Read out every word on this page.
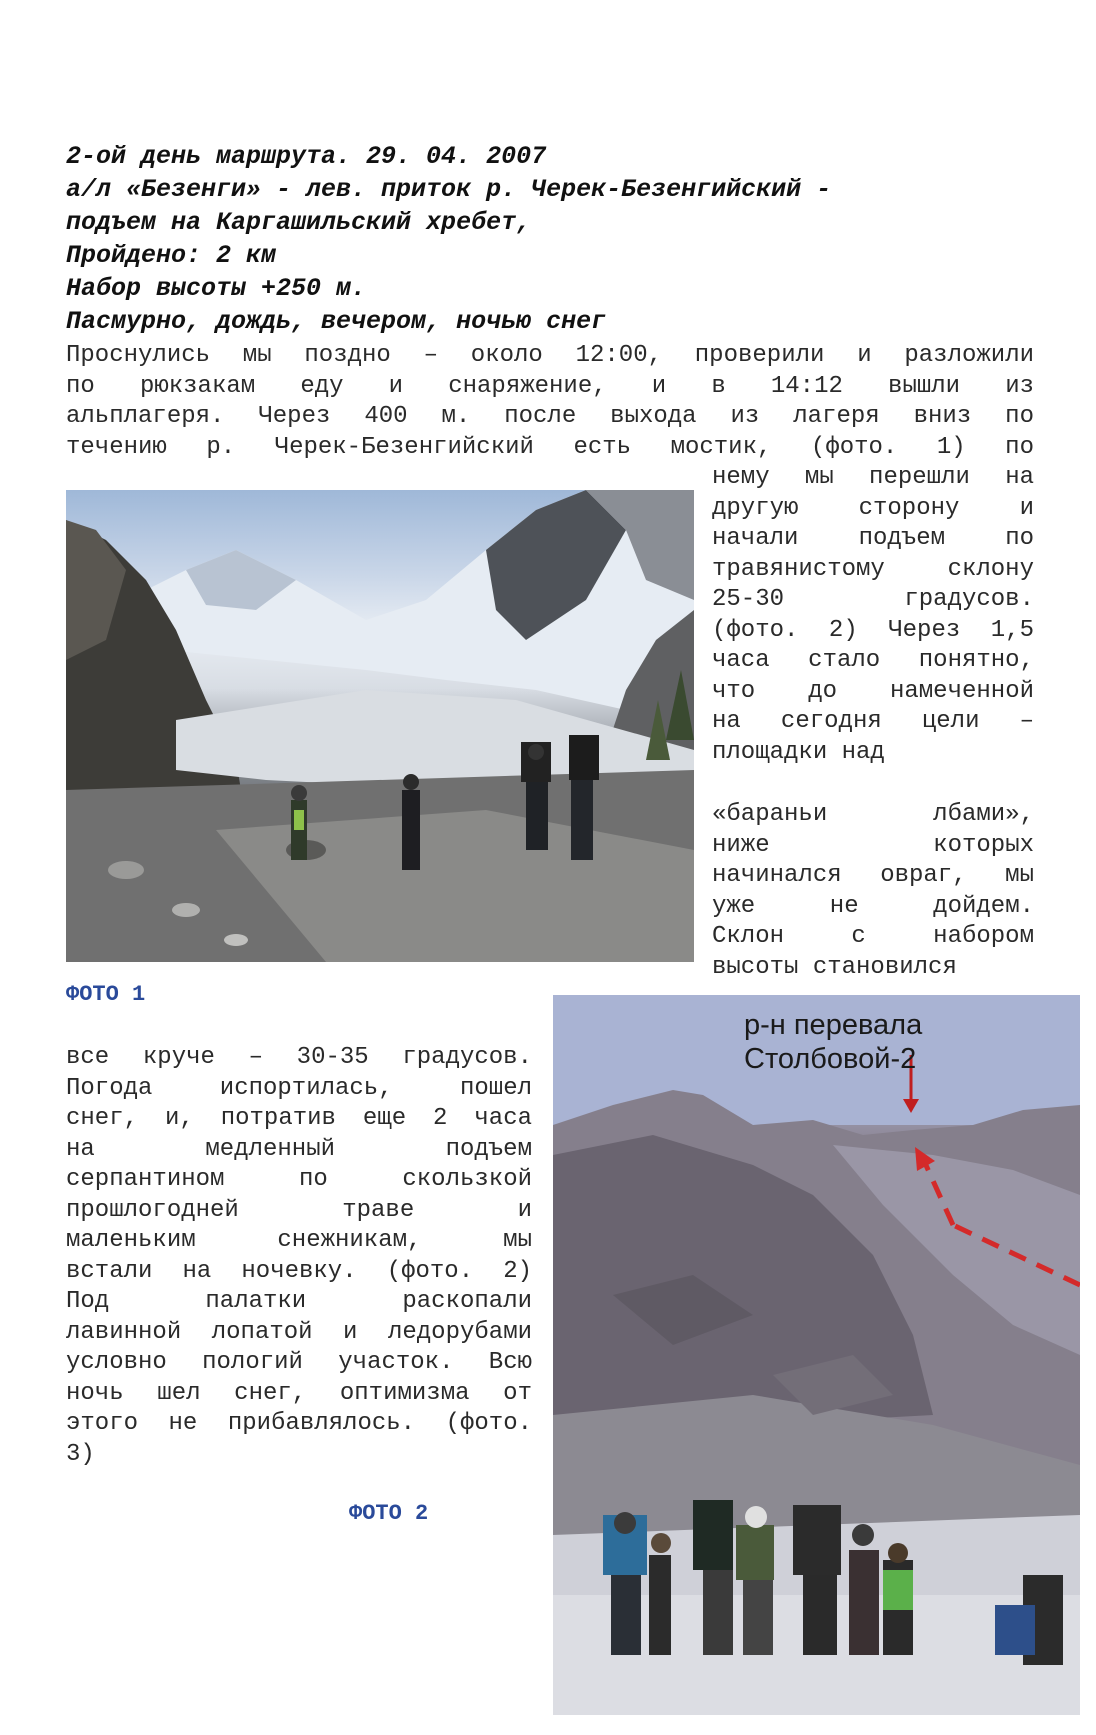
2-ой день маршрута. 29. 04. 2007
а/л «Безенги» - лев. приток р. Черек-Безенгийский -
подъем на Каргашильский хребет,
Пройдено: 2 км
Набор высоты +250 м.
Пасмурно, дождь, вечером, ночью снег
Проснулись мы поздно – около 12:00, проверили и разложили
по рюкзакам еду и снаряжение, и в 14:12 вышли из
альплагеря. Через 400 м. после выхода из лагеря вниз по
течению р. Черек-Безенгийский есть мостик, (фото. 1) по
нему мы перешли на
другую сторону и
начали подъем по
травянистому склону
25-30 градусов.
(фото. 2) Через 1,5
часа стало понятно,
что до намеченной
на сегодня цели –
площадки над
«бараньи лбами»,
ниже которых
начинался овраг, мы
уже не дойдем.
Склон с набором
высоты становился
ФОТО 1
р-н перевала
Столбовой-2
все круче – 30-35 градусов.
Погода испортилась, пошел
снег, и, потратив еще 2 часа
на медленный подъем
серпантином по скользкой
прошлогодней траве и
маленьким снежникам, мы
встали на ночевку. (фото. 2)
Под палатки раскопали
лавинной лопатой и ледорубами
условно пологий участок. Всю
ночь шел снег, оптимизма от
этого не прибавлялось. (фото.
3)
ФОТО 2
